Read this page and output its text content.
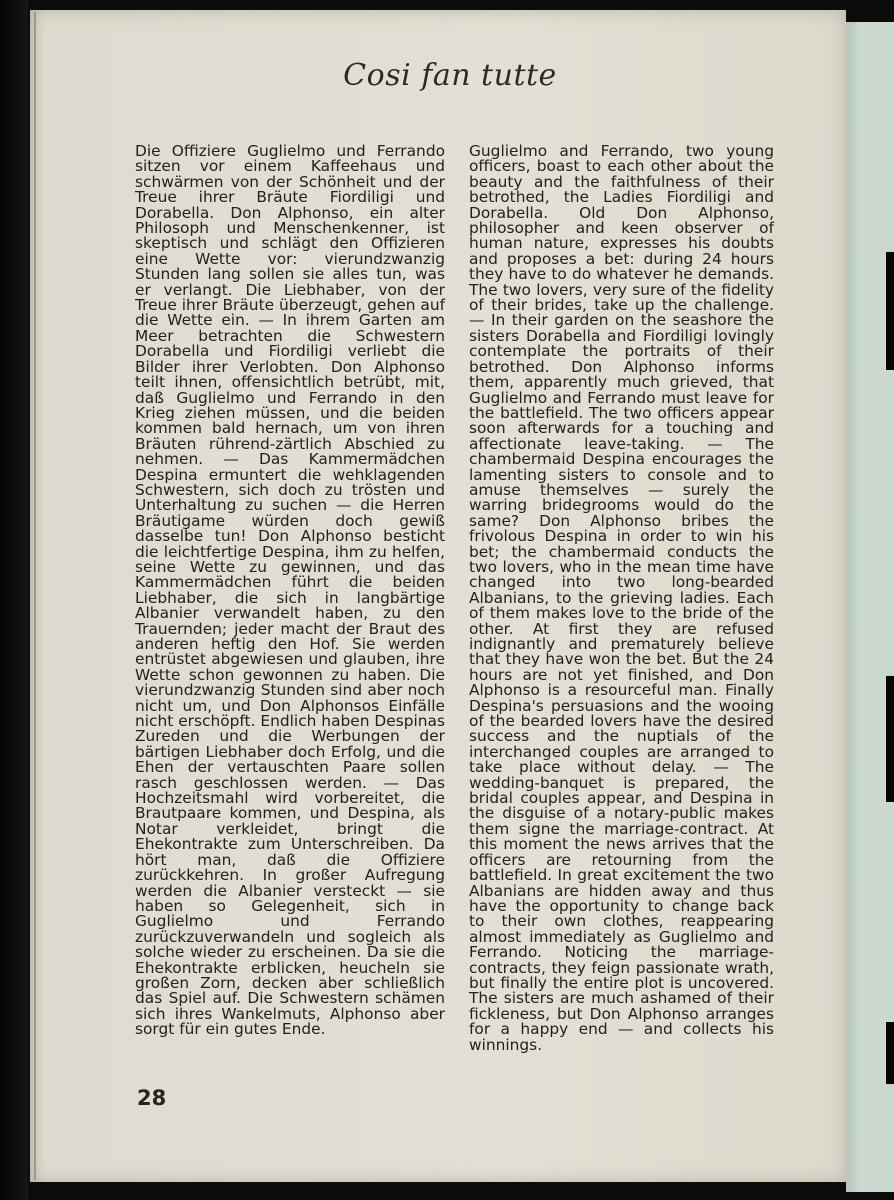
Cosi fan tutte

Die Offiziere Guglielmo und Ferrando sitzen vor einem Kaffeehaus und schwärmen von der Schönheit und der Treue ihrer Bräute Fiordiligi und Dorabella. Don Alphonso, ein alter Philosoph und Menschenkenner, ist skeptisch und schlägt den Offizieren eine Wette vor: vierundzwanzig Stunden lang sollen sie alles tun, was er verlangt. Die Liebhaber, von der Treue ihrer Bräute überzeugt, gehen auf die Wette ein. — In ihrem Garten am Meer betrachten die Schwestern Dorabella und Fiordiligi verliebt die Bilder ihrer Verlobten. Don Alphonso teilt ihnen, offensichtlich betrübt, mit, daß Guglielmo und Ferrando in den Krieg ziehen müssen, und die beiden kommen bald hernach, um von ihren Bräuten rührend-zärtlich Abschied zu nehmen. — Das Kammermädchen Despina ermuntert die wehklagenden Schwestern, sich doch zu trösten und Unterhaltung zu suchen — die Herren Bräutigame würden doch gewiß dasselbe tun! Don Alphonso besticht die leichtfertige Despina, ihm zu helfen, seine Wette zu gewinnen, und das Kammermädchen führt die beiden Liebhaber, die sich in langbärtige Albanier verwandelt haben, zu den Trauernden; jeder macht der Braut des anderen heftig den Hof. Sie werden entrüstet abgewiesen und glauben, ihre Wette schon gewonnen zu haben. Die vierundzwanzig Stunden sind aber noch nicht um, und Don Alphonsos Einfälle nicht erschöpft. Endlich haben Despinas Zureden und die Werbungen der bärtigen Liebhaber doch Erfolg, und die Ehen der vertauschten Paare sollen rasch geschlossen werden. — Das Hochzeitsmahl wird vorbereitet, die Brautpaare kommen, und Despina, als Notar verkleidet, bringt die Ehekontrakte zum Unterschreiben. Da hört man, daß die Offiziere zurückkehren. In großer Aufregung werden die Albanier versteckt — sie haben so Gelegenheit, sich in Guglielmo und Ferrando zurückzuverwandeln und sogleich als solche wieder zu erscheinen. Da sie die Ehekontrakte erblicken, heucheln sie großen Zorn, decken aber schließlich das Spiel auf. Die Schwestern schämen sich ihres Wankelmuts, Alphonso aber sorgt für ein gutes Ende.

Guglielmo and Ferrando, two young officers, boast to each other about the beauty and the faithfulness of their betrothed, the Ladies Fiordiligi and Dorabella. Old Don Alphonso, philosopher and keen observer of human nature, expresses his doubts and proposes a bet: during 24 hours they have to do whatever he demands. The two lovers, very sure of the fidelity of their brides, take up the challenge. — In their garden on the seashore the sisters Dorabella and Fiordiligi lovingly contemplate the portraits of their betrothed. Don Alphonso informs them, apparently much grieved, that Guglielmo and Ferrando must leave for the battlefield. The two officers appear soon afterwards for a touching and affectionate leave-taking. — The chambermaid Despina encourages the lamenting sisters to console and to amuse themselves — surely the warring bridegrooms would do the same? Don Alphonso bribes the frivolous Despina in order to win his bet; the chambermaid conducts the two lovers, who in the mean time have changed into two long-bearded Albanians, to the grieving ladies. Each of them makes love to the bride of the other. At first they are refused indignantly and prematurely believe that they have won the bet. But the 24 hours are not yet finished, and Don Alphonso is a resourceful man. Finally Despina's persuasions and the wooing of the bearded lovers have the desired success and the nuptials of the interchanged couples are arranged to take place without delay. — The wedding-banquet is prepared, the bridal couples appear, and Despina in the disguise of a notary-public makes them signe the marriage-contract. At this moment the news arrives that the officers are retourning from the battlefield. In great excitement the two Albanians are hidden away and thus have the opportunity to change back to their own clothes, reappearing almost immediately as Guglielmo and Ferrando. Noticing the marriage-contracts, they feign passionate wrath, but finally the entire plot is uncovered. The sisters are much ashamed of their fickleness, but Don Alphonso arranges for a happy end — and collects his winnings.

28
